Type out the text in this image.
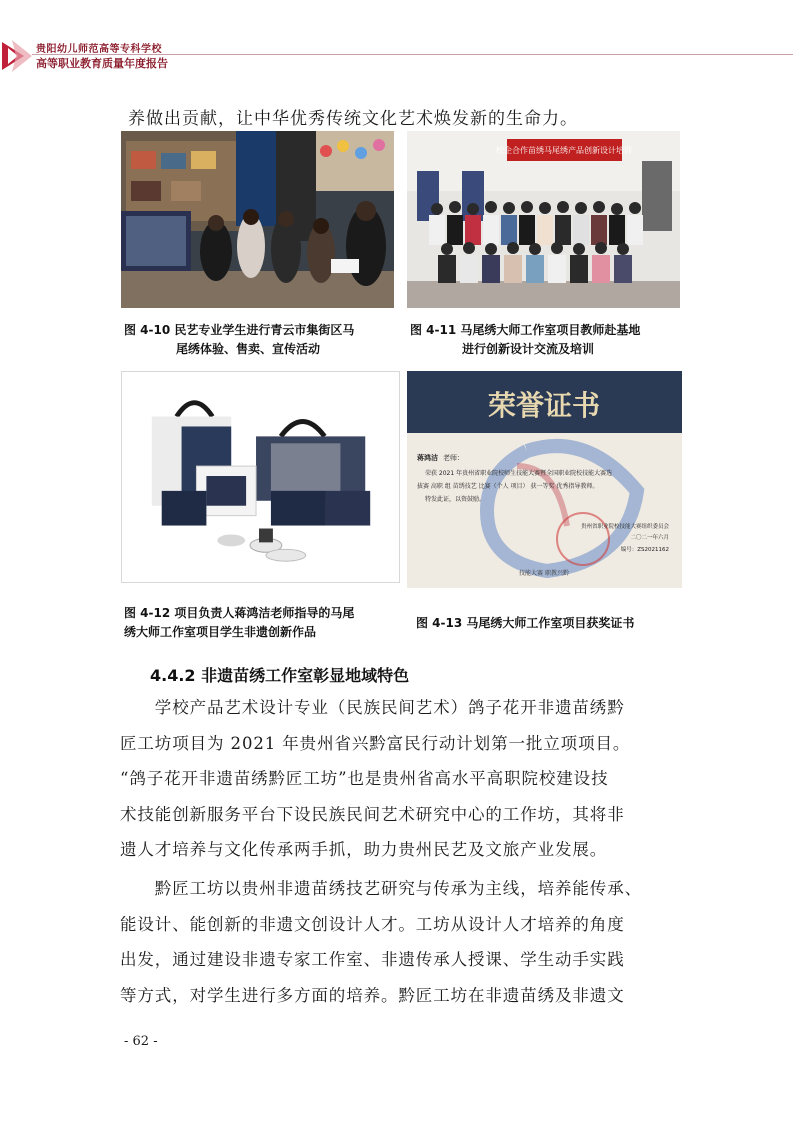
贵阳幼儿师范高等专科学校
高等职业教育质量年度报告
养做出贡献，让中华优秀传统文化艺术焕发新的生命力。
校企合作苗绣马尾绣产品创新设计培训
图 4-10 民艺专业学生进行青云市集街区马
尾绣体验、售卖、宣传活动
图 4-11 马尾绣大师工作室项目教师赴基地
进行创新设计交流及培训
荣誉证书
蒋鸿洁 老师：
荣获 2021 年贵州省职业院校师生技能大赛暨全国职业院校技能大赛选
拔赛 高职 组 苗绣技艺 比赛（个人 项目） 获一等奖 优秀指导教师。
特发此证，以资鼓励。
贵州省职业院校技能大赛组织委员会
二〇二一年六月
编号：ZS2021162
技能大赛 职教兴黔
图 4-12 项目负责人蒋鸿洁老师指导的马尾
绣大师工作室项目学生非遗创新作品
图 4-13 马尾绣大师工作室项目获奖证书
4.4.2 非遗苗绣工作室彰显地域特色
　　学校产品艺术设计专业（民族民间艺术）鸽子花开非遗苗绣黔
匠工坊项目为 2021 年贵州省兴黔富民行动计划第一批立项项目。
“鸽子花开非遗苗绣黔匠工坊”也是贵州省高水平高职院校建设技
术技能创新服务平台下设民族民间艺术研究中心的工作坊，其将非
遗人才培养与文化传承两手抓，助力贵州民艺及文旅产业发展。
　　黔匠工坊以贵州非遗苗绣技艺研究与传承为主线，培养能传承、
能设计、能创新的非遗文创设计人才。工坊从设计人才培养的角度
出发，通过建设非遗专家工作室、非遗传承人授课、学生动手实践
等方式，对学生进行多方面的培养。黔匠工坊在非遗苗绣及非遗文
- 62 -
